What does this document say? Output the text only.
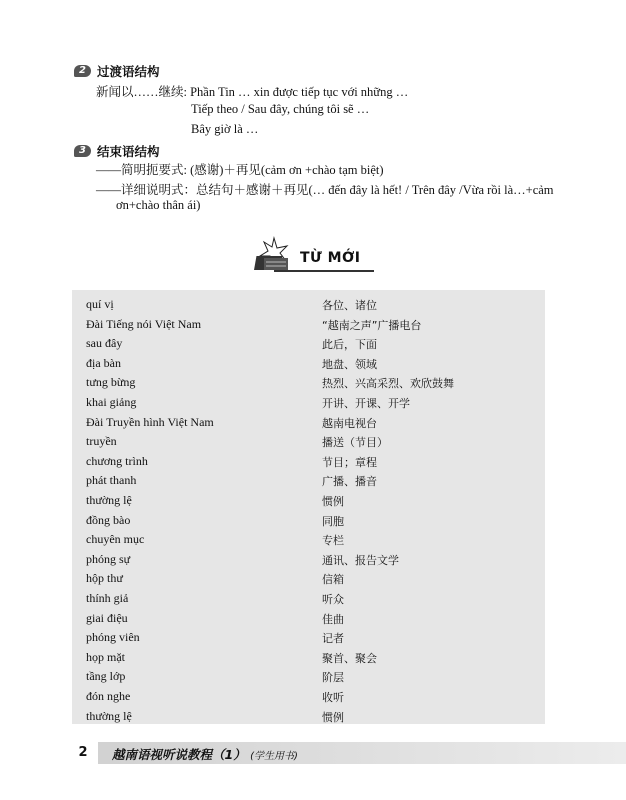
2 过渡语结构
新闻以……继续: Phần Tin … xin được tiếp tục với những …
Tiếp theo / Sau đây, chúng tôi sẽ …
Bây giờ là …
3 结束语结构
——简明扼要式: (感谢)＋再见(cảm ơn +chào tạm biệt)
——详细说明式：总结句＋感谢＋再见(… đến đây là hết! / Trên đây /Vừa rồi là…+cảm
ơn+chào thân ái)
TỪ MỚI
quí vị	各位、诸位
Đài Tiếng nói Việt Nam	“越南之声”广播电台
sau đây	此后，下面
địa bàn	地盘、领域
tưng bừng	热烈、兴高采烈、欢欣鼓舞
khai giảng	开讲、开课、开学
Đài Truyền hình Việt Nam	越南电视台
truyền	播送（节目）
chương trình	节目；章程
phát thanh	广播、播音
thường lệ	惯例
đồng bào	同胞
chuyên mục	专栏
phóng sự	通讯、报告文学
hộp thư	信箱
thính giả	听众
giai điệu	佳曲
phóng viên	记者
họp mặt	聚首、聚会
tầng lớp	阶层
đón nghe	收听
thường lệ	惯例
2	越南语视听说教程（1） (学生用书)
